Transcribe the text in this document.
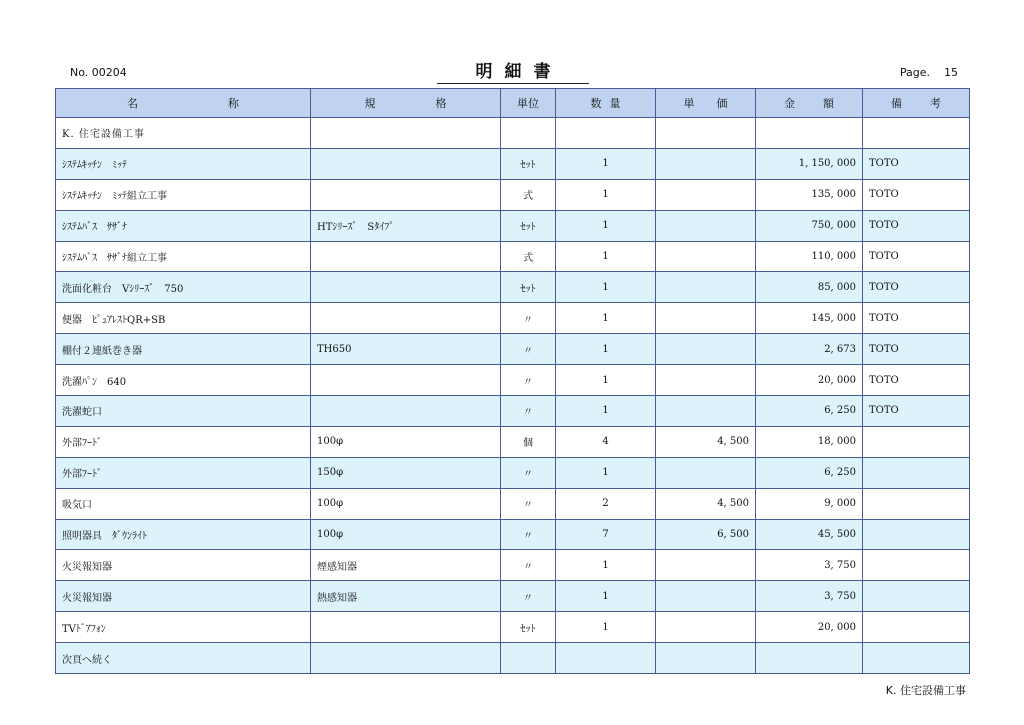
No. 00204	明細書	Page. 15
名 称	規 格	単位	数 量	単 価	金 額	備 考
K. 住宅設備工事						
ｼｽﾃﾑｷｯﾁﾝ　ﾐｯﾃ		ｾｯﾄ	1		1, 150, 000	TOTO
ｼｽﾃﾑｷｯﾁﾝ　ﾐｯﾃ組立工事		式	1		135, 000	TOTO
ｼｽﾃﾑﾊﾞｽ　ｻｻﾞﾅ	HTｼﾘｰｽﾞ　Sﾀｲﾌﾟ	ｾｯﾄ	1		750, 000	TOTO
ｼｽﾃﾑﾊﾞｽ　ｻｻﾞﾅ組立工事		式	1		110, 000	TOTO
洗面化粧台　Vｼﾘｰｽﾞ　750		ｾｯﾄ	1		85, 000	TOTO
便器　ﾋﾟｭｱﾚｽﾄQR+SB		〃	1		145, 000	TOTO
棚付２連紙巻き器	TH650	〃	1		2, 673	TOTO
洗濯ﾊﾟﾝ　640		〃	1		20, 000	TOTO
洗濯蛇口		〃	1		6, 250	TOTO
外部ﾌｰﾄﾞ	100φ	個	4	4, 500	18, 000	
外部ﾌｰﾄﾞ	150φ	〃	1		6, 250	
吸気口	100φ	〃	2	4, 500	9, 000	
照明器具　ﾀﾞｳﾝﾗｲﾄ	100φ	〃	7	6, 500	45, 500	
火災報知器	煙感知器	〃	1		3, 750	
火災報知器	熱感知器	〃	1		3, 750	
TVﾄﾞｱﾌｫﾝ		ｾｯﾄ	1		20, 000	
次頁へ続く						
K. 住宅設備工事
